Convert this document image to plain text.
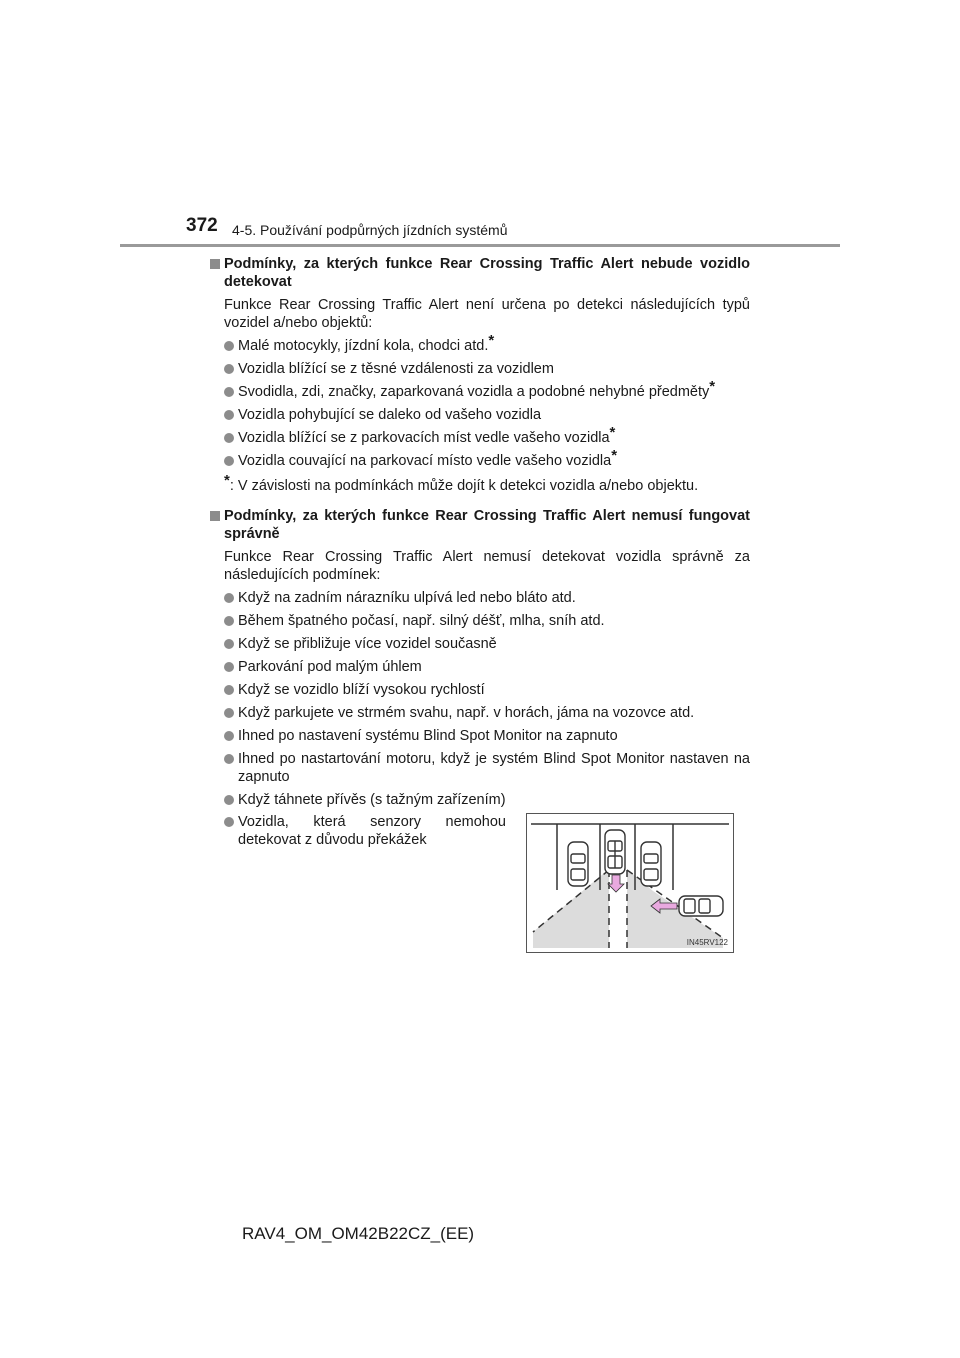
372 4-5. Používání podpůrných jízdních systémů
Podmínky, za kterých funkce Rear Crossing Traffic Alert nebude vozidlo detekovat
Funkce Rear Crossing Traffic Alert není určena po detekci následujících typů vozidel a/nebo objektů:
Malé motocykly, jízdní kola, chodci atd.*
Vozidla blížící se z těsné vzdálenosti za vozidlem
Svodidla, zdi, značky, zaparkovaná vozidla a podobné nehybné předměty*
Vozidla pohybující se daleko od vašeho vozidla
Vozidla blížící se z parkovacích míst vedle vašeho vozidla*
Vozidla couvající na parkovací místo vedle vašeho vozidla*
*: V závislosti na podmínkách může dojít k detekci vozidla a/nebo objektu.
Podmínky, za kterých funkce Rear Crossing Traffic Alert nemusí fungovat správně
Funkce Rear Crossing Traffic Alert nemusí detekovat vozidla správně za následujících podmínek:
Když na zadním nárazníku ulpívá led nebo bláto atd.
Během špatného počasí, např. silný déšť, mlha, sníh atd.
Když se přibližuje více vozidel současně
Parkování pod malým úhlem
Když se vozidlo blíží vysokou rychlostí
Když parkujete ve strmém svahu, např. v horách, jáma na vozovce atd.
Ihned po nastavení systému Blind Spot Monitor na zapnuto
Ihned po nastartování motoru, když je systém Blind Spot Monitor nastaven na zapnuto
Když táhnete přívěs (s tažným zařízením)
Vozidla, která senzory nemohou detekovat z důvodu překážek
IN45RV122
RAV4_OM_OM42B22CZ_(EE)
